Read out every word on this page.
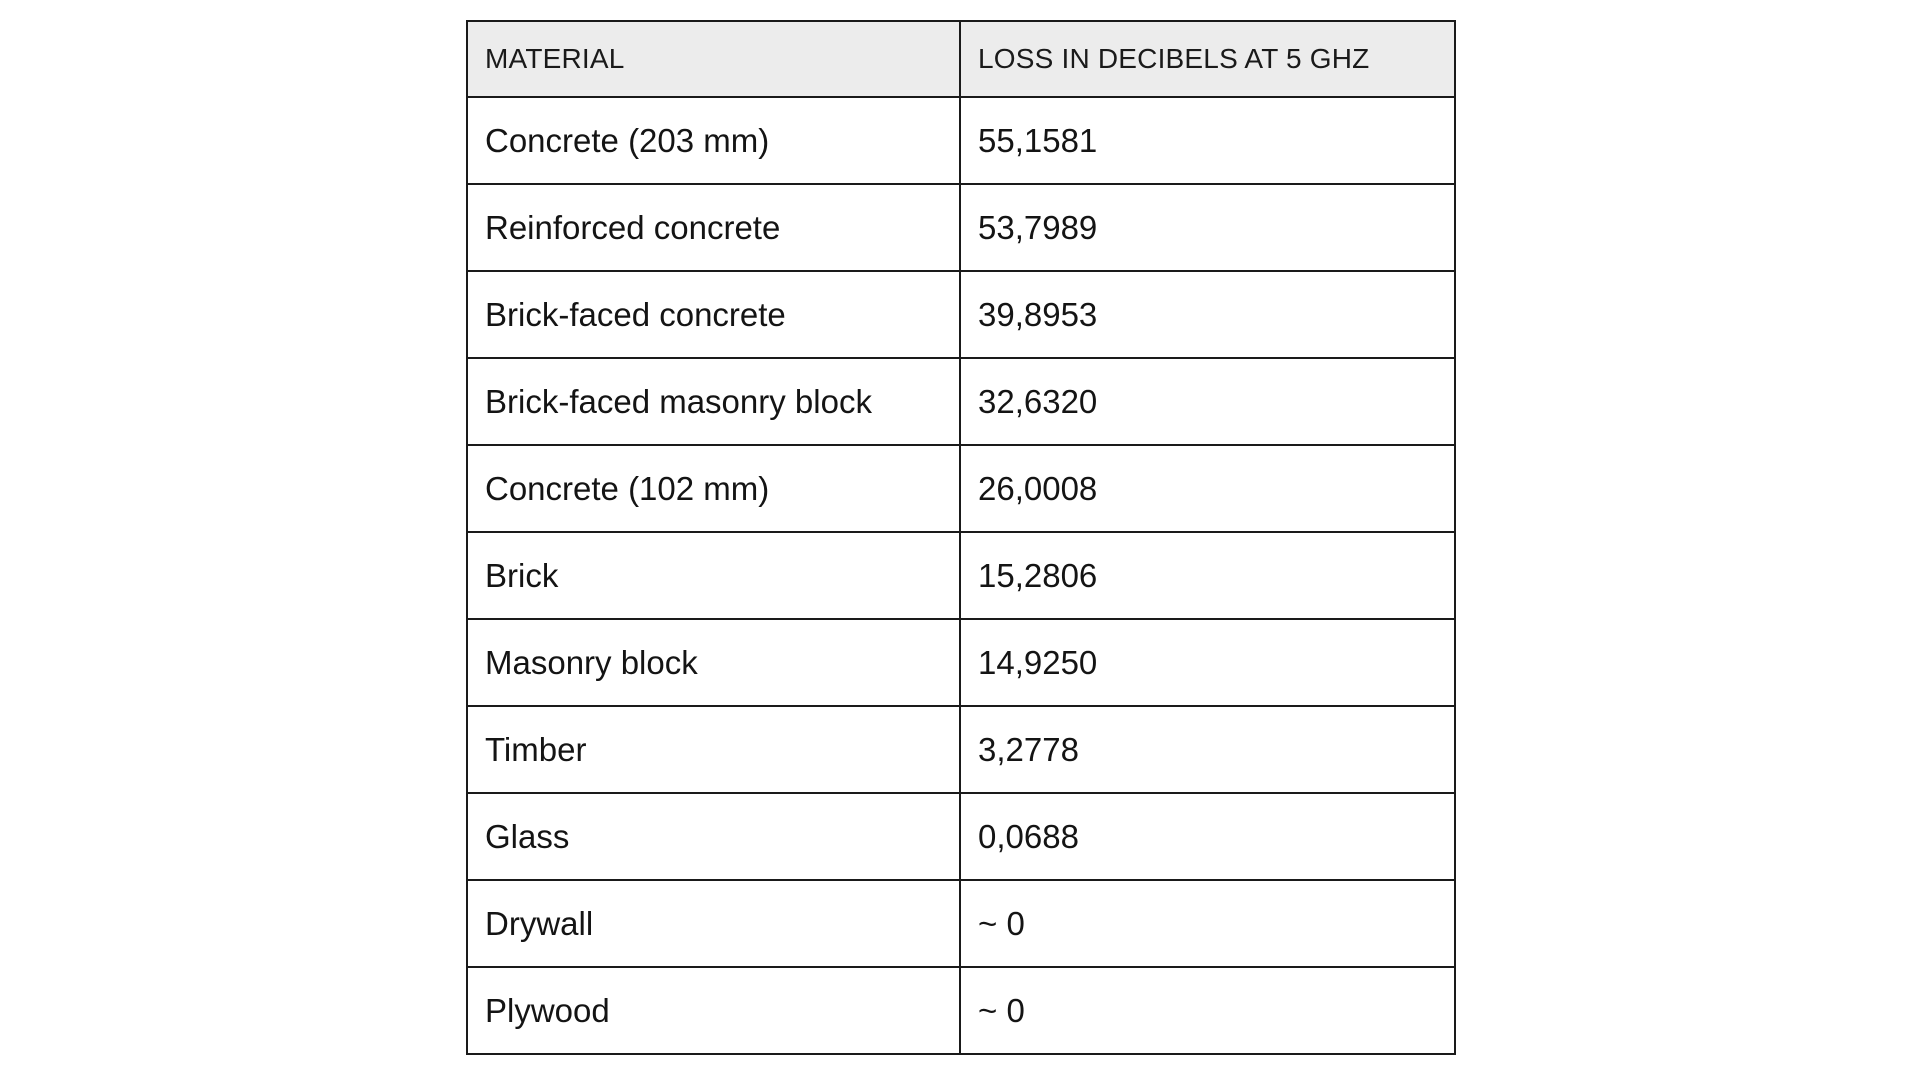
MATERIAL	LOSS IN DECIBELS AT 5 GHZ
Concrete (203 mm)	55,1581
Reinforced concrete	53,7989
Brick-faced concrete	39,8953
Brick-faced masonry block	32,6320
Concrete (102 mm)	26,0008
Brick	15,2806
Masonry block	14,9250
Timber	3,2778
Glass	0,0688
Drywall	~ 0
Plywood	~ 0
